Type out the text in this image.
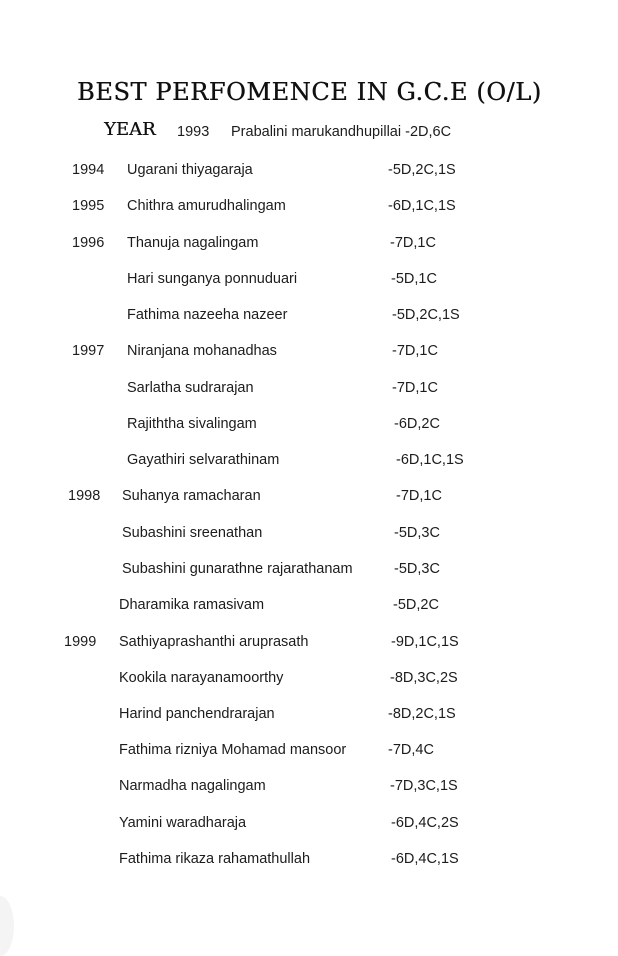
BEST PERFOMENCE IN G.C.E (O/L)
YEAR 1993 Prabalini marukandhupillai -2D,6C
1994 Ugarani thiyagaraja	-5D,2C,1S
1995 Chithra amurudhalingam	-6D,1C,1S
1996 Thanuja nagalingam	-7D,1C
Hari sunganya ponnuduari	-5D,1C
Fathima nazeeha nazeer	-5D,2C,1S
1997 Niranjana mohanadhas	-7D,1C
Sarlatha sudrarajan	-7D,1C
Rajiththa sivalingam	-6D,2C
Gayathiri selvarathinam	-6D,1C,1S
1998 Suhanya ramacharan	-7D,1C
Subashini sreenathan	-5D,3C
Subashini gunarathne rajarathanam	-5D,3C
Dharamika ramasivam	-5D,2C
1999 Sathiyaprashanthi aruprasath	-9D,1C,1S
Kookila narayanamoorthy	-8D,3C,2S
Harind panchendrarajan	-8D,2C,1S
Fathima rizniya Mohamad mansoor	-7D,4C
Narmadha nagalingam	-7D,3C,1S
Yamini waradharaja	-6D,4C,2S
Fathima rikaza rahamathullah	-6D,4C,1S
